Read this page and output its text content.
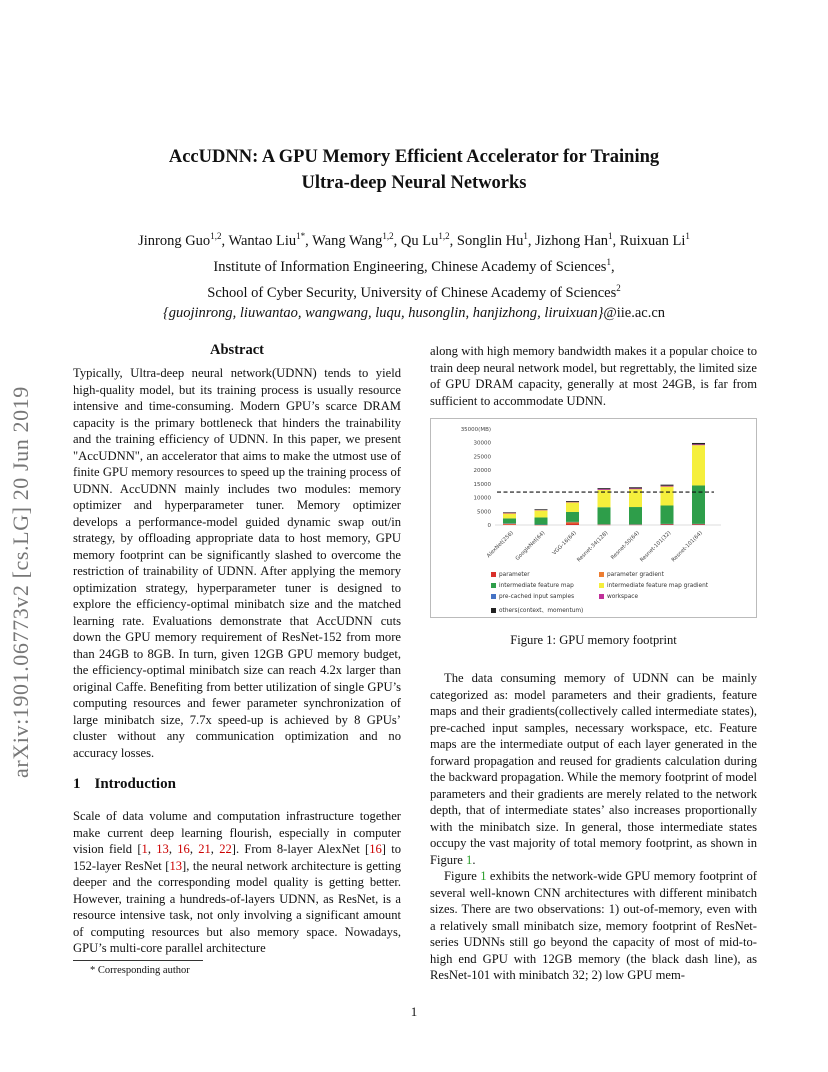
AccUDNN: A GPU Memory Efficient Accelerator for Training
Ultra-deep Neural Networks
Jinrong Guo$^{1,2}$, Wantao Liu$^{1*}$, Wang Wang$^{1,2}$, Qu Lu$^{1,2}$, Songlin Hu$^1$, Jizhong Han$^1$, Ruixuan Li$^1$
Institute of Information Engineering, Chinese Academy of Sciences$^1$,
School of Cyber Security, University of Chinese Academy of Sciences$^2$
{guojinrong, liuwantao, wangwang, luqu, husonglin, hanjizhong, liruixuan}@iie.ac.cn
arXiv:1901.06773v2 [cs.LG] 20 Jun 2019
Abstract
Typically, Ultra-deep neural network(UDNN) tends to yield high-quality model, but its training process is usually resource intensive and time-consuming. Modern GPU’s scarce DRAM capacity is the primary bottleneck that hinders the trainability and the training efficiency of UDNN. In this paper, we present "AccUDNN", an accelerator that aims to make the utmost use of finite GPU memory resources to speed up the training process of UDNN. AccUDNN mainly includes two modules: memory optimizer and hyperparameter tuner. Memory optimizer develops a performance-model guided dynamic swap out/in strategy, by offloading appropriate data to host memory, GPU memory footprint can be significantly slashed to overcome the restriction of trainability of UDNN. After applying the memory optimization strategy, hyperparameter tuner is designed to explore the efficiency-optimal minibatch size and the matched learning rate. Evaluations demonstrate that AccUDNN cuts down the GPU memory requirement of ResNet-152 from more than 24GB to 8GB. In turn, given 12GB GPU memory budget, the efficiency-optimal minibatch size can reach 4.2x larger than original Caffe. Benefiting from better utilization of single GPU’s computing resources and fewer parameter synchronization of large minibatch size, 7.7x speed-up is achieved by 8 GPUs’ cluster without any communication optimization and no accuracy losses.
1 Introduction
Scale of data volume and computation infrastructure together make current deep learning flourish, especially in computer vision field [1, 13, 16, 21, 22]. From 8-layer AlexNet [16] to 152-layer ResNet [13], the neural network architecture is getting deeper and the corresponding model quality is getting better. However, training a hundreds-of-layers UDNN, as ResNet, is a resource intensive task, not only involving a significant amount of computing resources but also memory space. Nowadays, GPU’s multi-core parallel architecture
* Corresponding author
along with high memory bandwidth makes it a popular choice to train deep neural network model, but regrettably, the limited size of GPU DRAM capacity, generally at most 24GB, is far from sufficient to accommodate UDNN.
0
5000
10000
15000
20000
25000
30000
35000(MB)
AlexNet(256) GoogleNet(64) VGG-16(64)
Resnet-34(128) Resnet-50(64)
Resnet-101(32)
Resnet-101(64)
parameter	parameter gradient
intermediate feature map	intermediate feature map gradient
pre-cached input samples	workspace
others(context、momentum)
Figure 1: GPU memory footprint

The data consuming memory of UDNN can be mainly categorized as: model parameters and their gradients, feature maps and their gradients(collectively called intermediate states), pre-cached input samples, necessary workspace, etc. Feature maps are the intermediate output of each layer generated in the forward propagation and reused for gradients calculation during the backward propagation. While the memory footprint of model parameters and their gradients are merely related to the network depth, that of intermediate states’ also increases proportionally with the minibatch size. In general, those intermediate states occupy the vast majority of total memory footprint, as shown in Figure 1.

Figure 1 exhibits the network-wide GPU memory footprint of several well-known CNN architectures with different minibatch sizes. There are two observations: 1) out-of-memory, even with a relatively small minibatch size, memory footprint of ResNet-series UDNNs still go beyond the capacity of most of mid-to-high end GPU with 12GB memory (the black dash line), as ResNet-101 with minibatch 32; 2) low GPU mem-

1
